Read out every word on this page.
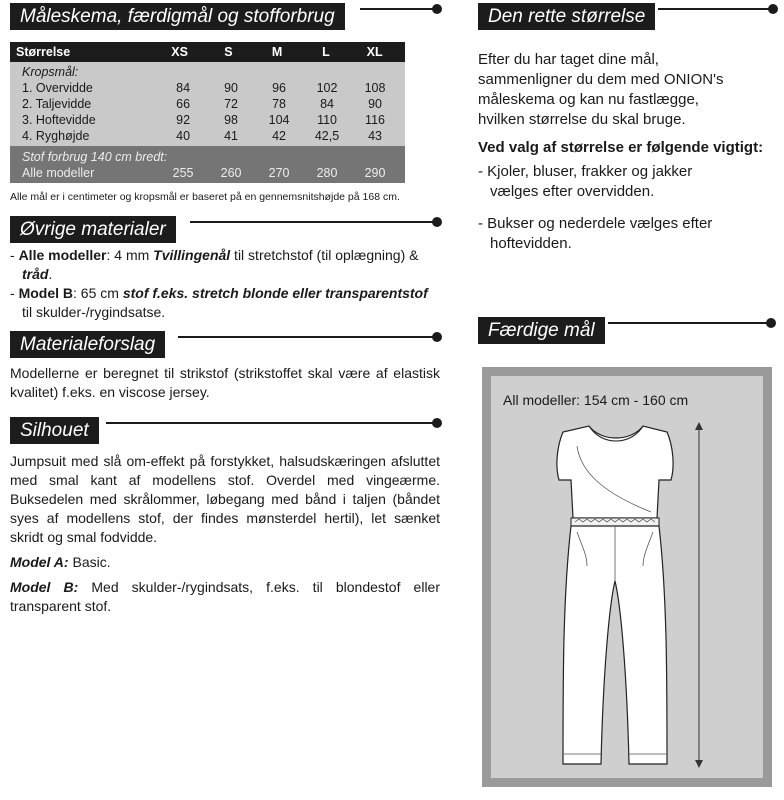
Måleskema, færdigmål og stofforbrug
Størrelse	XS	S	M	L	XL
Kropsmål:
1. Overvidde	84	90	96	102	108
2. Taljevidde	66	72	78	84	90
3. Hoftevidde	92	98	104	110	116
4. Ryghøjde	40	41	42	42,5	43
Stof forbrug 140 cm bredt:
Alle modeller	255	260	270	280	290
Alle mål er i centimeter og kropsmål er baseret på en gennemsnitshøjde på 168 cm.
Øvrige materialer
- Alle modeller: 4 mm Tvillingenål til stretchstof (til oplægning) & tråd.
- Model B: 65 cm stof f.eks. stretch blonde eller transparentstof til skulder-/rygindsatse.
Materialeforslag
Modellerne er beregnet til strikstof (strikstoffet skal være af elastisk kvalitet) f.eks. en viscose jersey.
Silhouet
Jumpsuit med slå om-effekt på forstykket, halsudskæringen afsluttet med smal kant af modellens stof. Overdel med vingeærme. Buksedelen med skrålommer, løbegang med bånd i taljen (båndet syes af modellens stof, der findes mønsterdel hertil), let sænket skridt og smal fodvidde.
Model A: Basic.
Model B: Med skulder-/rygindsats, f.eks. til blondestof eller transparent stof.
Den rette størrelse
Efter du har taget dine mål, sammenligner du dem med ONION's måleskema og kan nu fastlægge, hvilken størrelse du skal bruge.
Ved valg af størrelse er følgende vigtigt:
- Kjoler, bluser, frakker og jakker vælges efter overvidden.
- Bukser og nederdele vælges efter hoftevidden.
Færdige mål
All modeller: 154 cm - 160 cm
